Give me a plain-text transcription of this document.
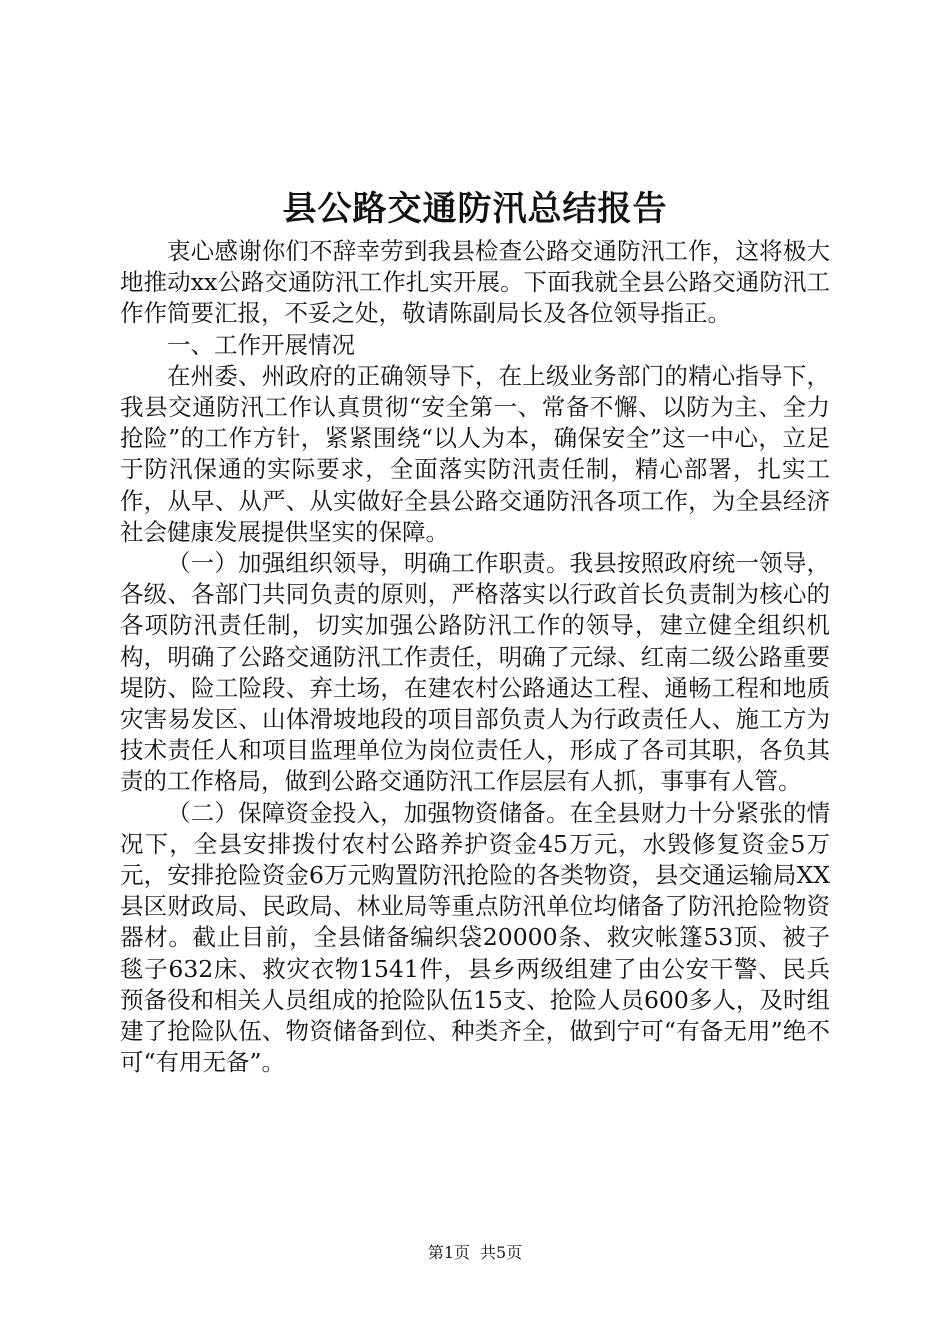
县公路交通防汛总结报告

衷心感谢你们不辞幸劳到我县检查公路交通防汛工作，这将极大地推动xx公路交通防汛工作扎实开展。下面我就全县公路交通防汛工作作简要汇报，不妥之处，敬请陈副局长及各位领导指正。

一、工作开展情况

在州委、州政府的正确领导下，在上级业务部门的精心指导下，我县交通防汛工作认真贯彻“安全第一、常备不懈、以防为主、全力抢险”的工作方针，紧紧围绕“以人为本，确保安全”这一中心，立足于防汛保通的实际要求，全面落实防汛责任制，精心部署，扎实工作，从早、从严、从实做好全县公路交通防汛各项工作，为全县经济社会健康发展提供坚实的保障。

（一）加强组织领导，明确工作职责。我县按照政府统一领导，各级、各部门共同负责的原则，严格落实以行政首长负责制为核心的各项防汛责任制，切实加强公路防汛工作的领导，建立健全组织机构，明确了公路交通防汛工作责任，明确了元绿、红南二级公路重要堤防、险工险段、弃土场，在建农村公路通达工程、通畅工程和地质灾害易发区、山体滑坡地段的项目部负责人为行政责任人、施工方为技术责任人和项目监理单位为岗位责任人，形成了各司其职，各负其责的工作格局，做到公路交通防汛工作层层有人抓，事事有人管。

（二）保障资金投入，加强物资储备。在全县财力十分紧张的情况下，全县安排拨付农村公路养护资金45万元，水毁修复资金5万元，安排抢险资金6万元购置防汛抢险的各类物资，县交通运输局XX县区财政局、民政局、林业局等重点防汛单位均储备了防汛抢险物资器材。截止目前，全县储备编织袋20000条、救灾帐篷53顶、被子毯子632床、救灾衣物1541件，县乡两级组建了由公安干警、民兵预备役和相关人员组成的抢险队伍15支、抢险人员600多人，及时组建了抢险队伍、物资储备到位、种类齐全，做到宁可“有备无用”绝不可“有用无备”。

第1页 共5页
